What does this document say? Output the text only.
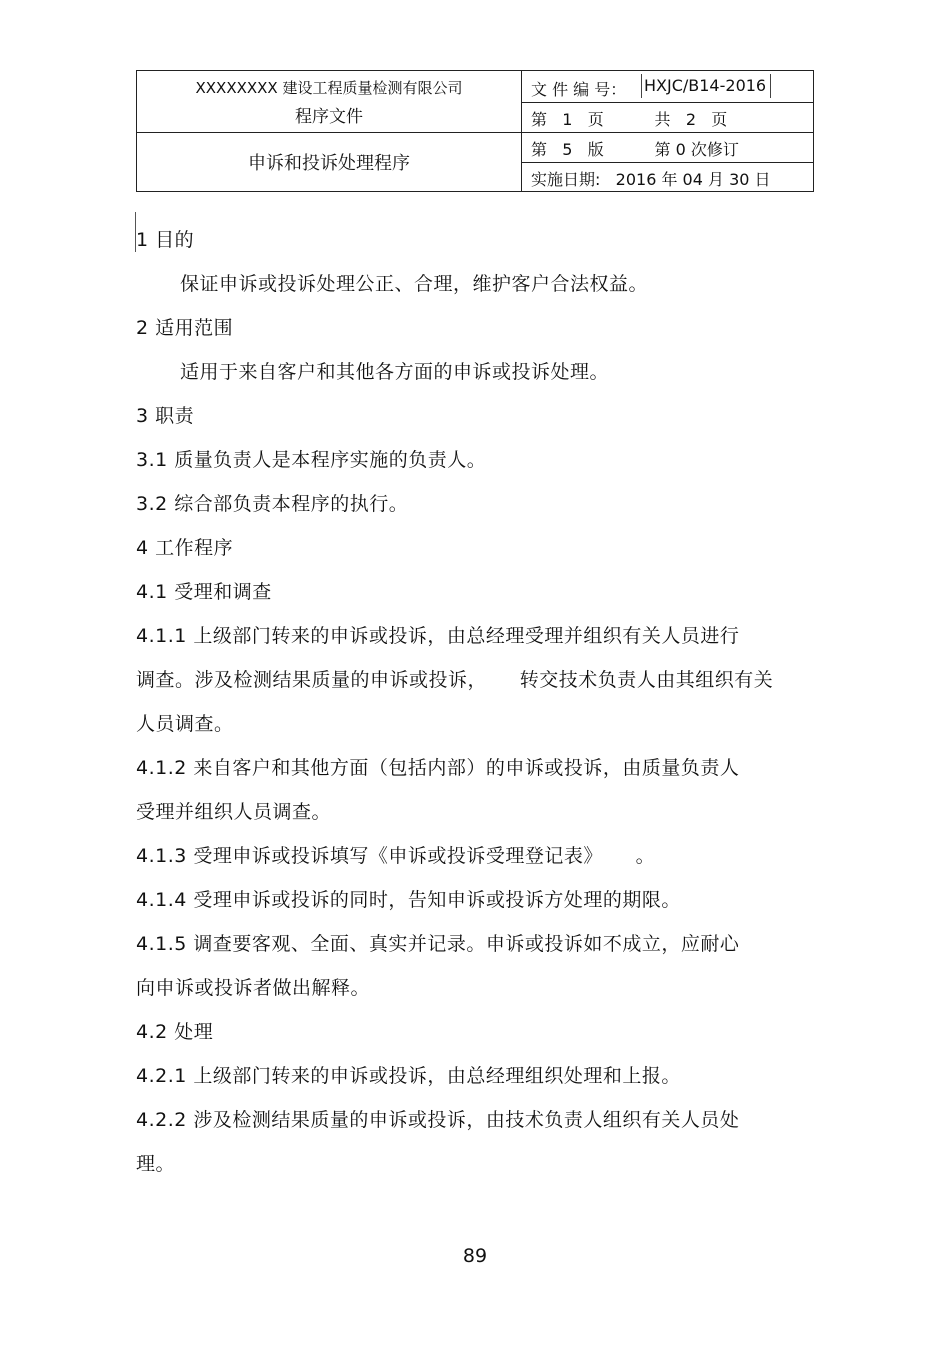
XXXXXXXX 建设工程质量检测有限公司
程序文件
申诉和投诉处理程序
文 件 编 号： HXJC/B14-2016
第   1   页          共   2   页
第   5   版          第 0 次修订
实施日期:   2016 年 04 月 30 日
1 目的
保证申诉或投诉处理公正、合理，维护客户合法权益。
2 适用范围
适用于来自客户和其他各方面的申诉或投诉处理。
3 职责
3.1 质量负责人是本程序实施的负责人。
3.2 综合部负责本程序的执行。
4 工作程序
4.1 受理和调查
4.1.1 上级部门转来的申诉或投诉，由总经理受理并组织有关人员进行
调查。涉及检测结果质量的申诉或投诉，     转交技术负责人由其组织有关
人员调查。
4.1.2 来自客户和其他方面（包括内部）的申诉或投诉，由质量负责人
受理并组织人员调查。
4.1.3 受理申诉或投诉填写《申诉或投诉受理登记表》     。
4.1.4 受理申诉或投诉的同时，告知申诉或投诉方处理的期限。
4.1.5 调查要客观、全面、真实并记录。申诉或投诉如不成立，应耐心
向申诉或投诉者做出解释。
4.2 处理
4.2.1 上级部门转来的申诉或投诉，由总经理组织处理和上报。
4.2.2 涉及检测结果质量的申诉或投诉，由技术负责人组织有关人员处
理。
89
